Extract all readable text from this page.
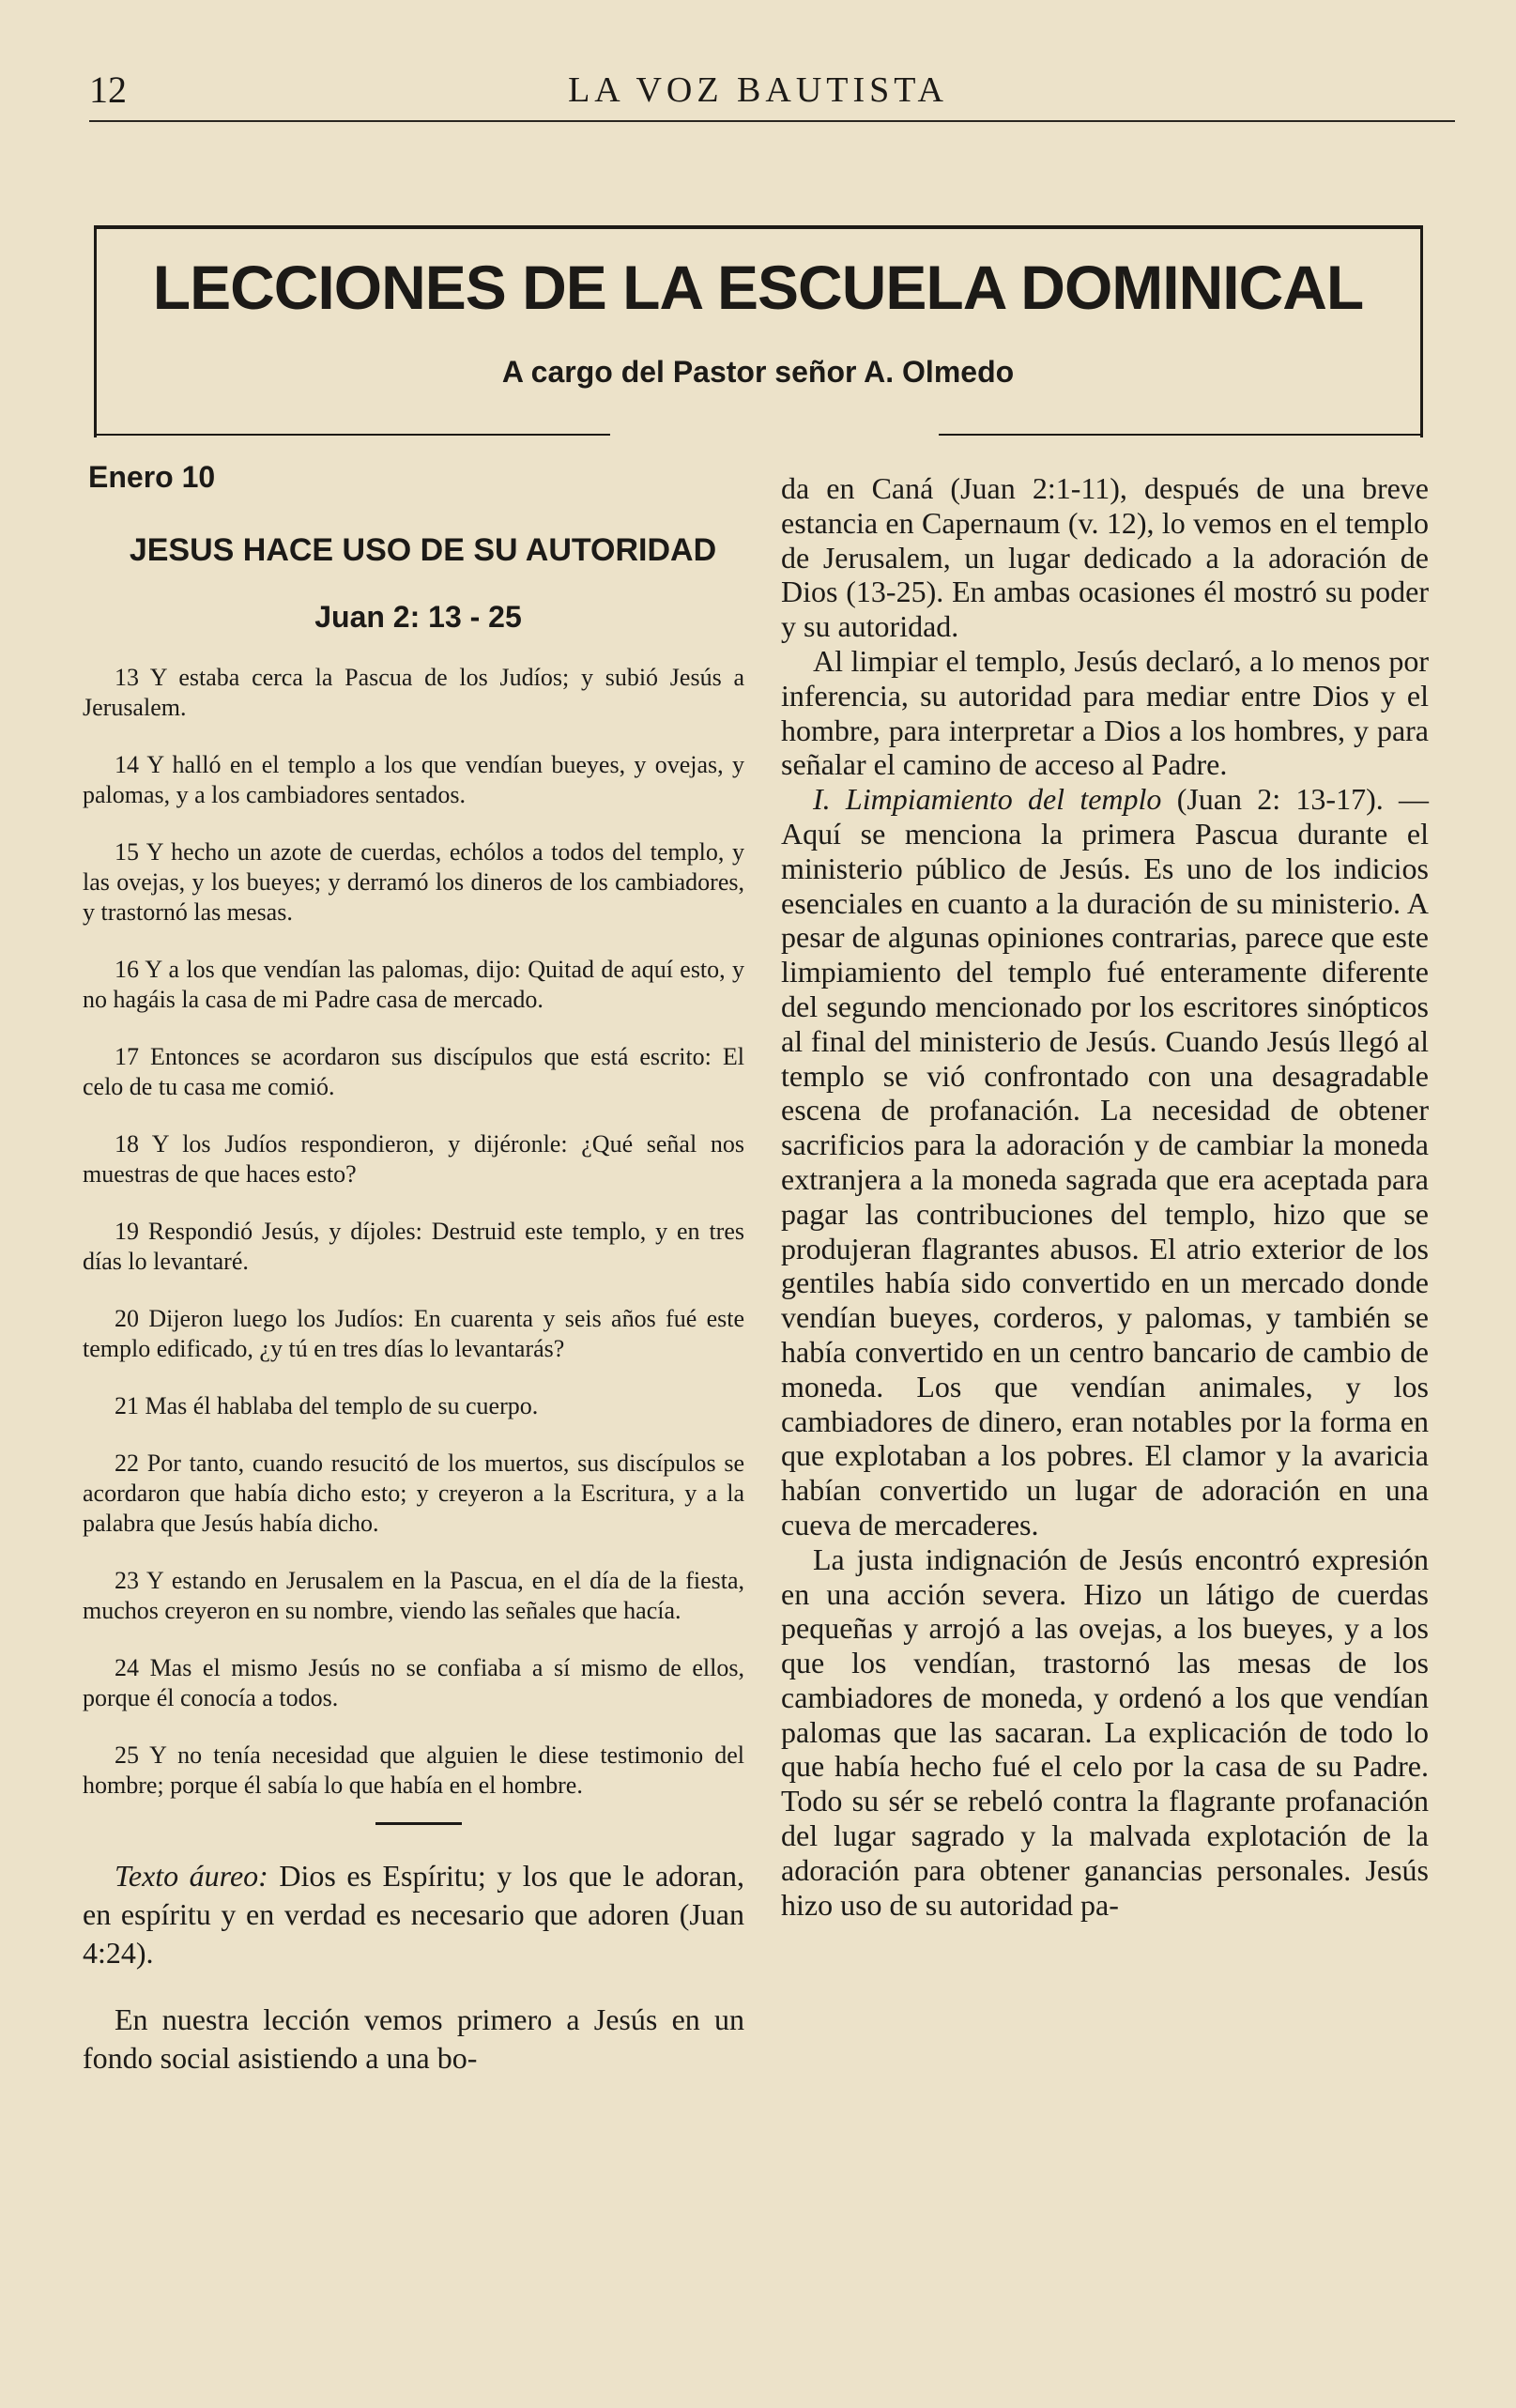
12	LA VOZ BAUTISTA
LECCIONES DE LA ESCUELA DOMINICAL
A cargo del Pastor señor A. Olmedo
Enero 10
JESUS HACE USO DE SU AUTORIDAD
Juan 2: 13 - 25

13 Y estaba cerca la Pascua de los Judíos; y subió Jesús a Jerusalem.

14 Y halló en el templo a los que vendían bueyes, y ovejas, y palomas, y a los cambiadores sentados.

15 Y hecho un azote de cuerdas, echólos a todos del templo, y las ovejas, y los bueyes; y derramó los dineros de los cambiadores, y trastornó las mesas.

16 Y a los que vendían las palomas, dijo: Quitad de aquí esto, y no hagáis la casa de mi Padre casa de mercado.

17 Entonces se acordaron sus discípulos que está escrito: El celo de tu casa me comió.

18 Y los Judíos respondieron, y dijéronle: ¿Qué señal nos muestras de que haces esto?

19 Respondió Jesús, y díjoles: Destruid este templo, y en tres días lo levantaré.

20 Dijeron luego los Judíos: En cuarenta y seis años fué este templo edificado, ¿y tú en tres días lo levantarás?

21 Mas él hablaba del templo de su cuerpo.

22 Por tanto, cuando resucitó de los muertos, sus discípulos se acordaron que había dicho esto; y creyeron a la Escritura, y a la palabra que Jesús había dicho.

23 Y estando en Jerusalem en la Pascua, en el día de la fiesta, muchos creyeron en su nombre, viendo las señales que hacía.

24 Mas el mismo Jesús no se confiaba a sí mismo de ellos, porque él conocía a todos.

25 Y no tenía necesidad que alguien le diese testimonio del hombre; porque él sabía lo que había en el hombre.

Texto áureo: Dios es Espíritu; y los que le adoran, en espíritu y en verdad es necesario que adoren (Juan 4:24).

En nuestra lección vemos primero a Jesús en un fondo social asistiendo a una bo-

da en Caná (Juan 2:1-11), después de una breve estancia en Capernaum (v. 12), lo vemos en el templo de Jerusalem, un lugar dedicado a la adoración de Dios (13-25). En ambas ocasiones él mostró su poder y su autoridad.

Al limpiar el templo, Jesús declaró, a lo menos por inferencia, su autoridad para mediar entre Dios y el hombre, para interpretar a Dios a los hombres, y para señalar el camino de acceso al Padre.

I. Limpiamiento del templo (Juan 2: 13-17). — Aquí se menciona la primera Pascua durante el ministerio público de Jesús. Es uno de los indicios esenciales en cuanto a la duración de su ministerio. A pesar de algunas opiniones contrarias, parece que este limpiamiento del templo fué enteramente diferente del segundo mencionado por los escritores sinópticos al final del ministerio de Jesús. Cuando Jesús llegó al templo se vió confrontado con una desagradable escena de profanación. La necesidad de obtener sacrificios para la adoración y de cambiar la moneda extranjera a la moneda sagrada que era aceptada para pagar las contribuciones del templo, hizo que se produjeran flagrantes abusos. El atrio exterior de los gentiles había sido convertido en un mercado donde vendían bueyes, corderos, y palomas, y también se había convertido en un centro bancario de cambio de moneda. Los que vendían animales, y los cambiadores de dinero, eran notables por la forma en que explotaban a los pobres. El clamor y la avaricia habían convertido un lugar de adoración en una cueva de mercaderes.

La justa indignación de Jesús encontró expresión en una acción severa. Hizo un látigo de cuerdas pequeñas y arrojó a las ovejas, a los bueyes, y a los que los vendían, trastornó las mesas de los cambiadores de moneda, y ordenó a los que vendían palomas que las sacaran. La explicación de todo lo que había hecho fué el celo por la casa de su Padre. Todo su sér se rebeló contra la flagrante profanación del lugar sagrado y la malvada explotación de la adoración para obtener ganancias personales. Jesús hizo uso de su autoridad pa-
